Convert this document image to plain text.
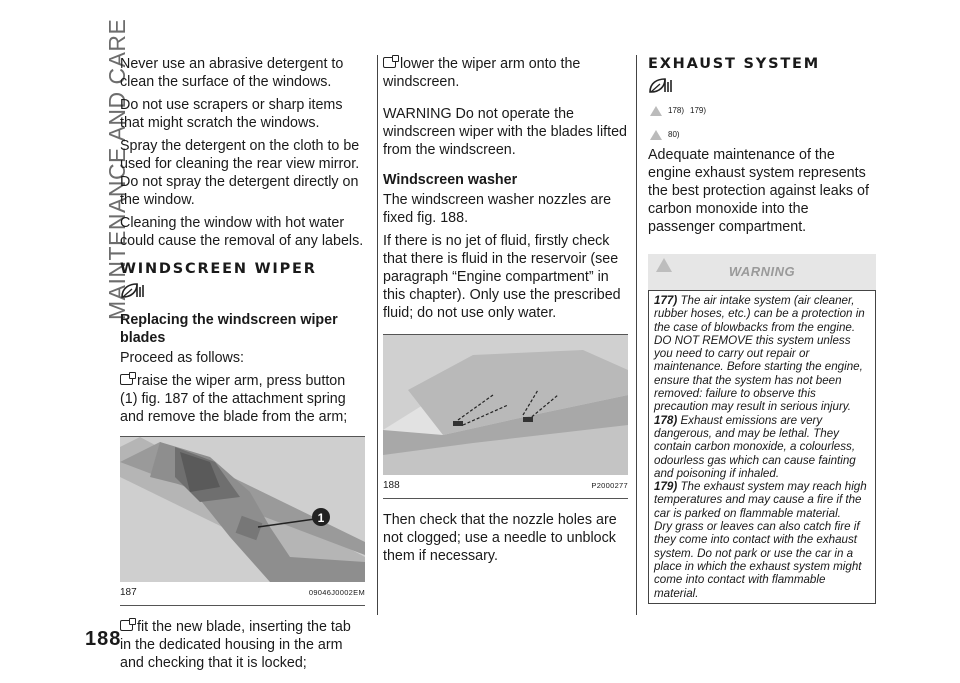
MAINTENANCE AND CARE
188

Never use an abrasive detergent to clean the surface of the windows.

Do not use scrapers or sharp items that might scratch the windows.

Spray the detergent on the cloth to be used for cleaning the rear view mirror. Do not spray the detergent directly on the window.

Cleaning the window with hot water could cause the removal of any labels.

WINDSCREEN WIPER
Replacing the windscreen wiper blades

Proceed as follows:

raise the wiper arm, press button (1) fig. 187 of the attachment spring and remove the blade from the arm;

1
187	09046J0002EM

fit the new blade, inserting the tab in the dedicated housing in the arm and checking that it is locked;

lower the wiper arm onto the windscreen.

WARNING Do not operate the windscreen wiper with the blades lifted from the windscreen.

Windscreen washer

The windscreen washer nozzles are fixed fig. 188.

If there is no jet of fluid, firstly check that there is fluid in the reservoir (see paragraph “Engine compartment” in this chapter). Only use the prescribed fluid; do not use only water.

188	P2000277

Then check that the nozzle holes are not clogged; use a needle to unblock them if necessary.

EXHAUST SYSTEM
178) 179)
80)

Adequate maintenance of the engine exhaust system represents the best protection against leaks of carbon monoxide into the passenger compartment.

WARNING

177) The air intake system (air cleaner, rubber hoses, etc.) can be a protection in the case of blowbacks from the engine. DO NOT REMOVE this system unless you need to carry out repair or maintenance. Before starting the engine, ensure that the system has not been removed: failure to observe this precaution may result in serious injury.

178) Exhaust emissions are very dangerous, and may be lethal. They contain carbon monoxide, a colourless, odourless gas which can cause fainting and poisoning if inhaled.

179) The exhaust system may reach high temperatures and may cause a fire if the car is parked on flammable material.

Dry grass or leaves can also catch fire if they come into contact with the exhaust system. Do not park or use the car in a place in which the exhaust system might come into contact with flammable material.
